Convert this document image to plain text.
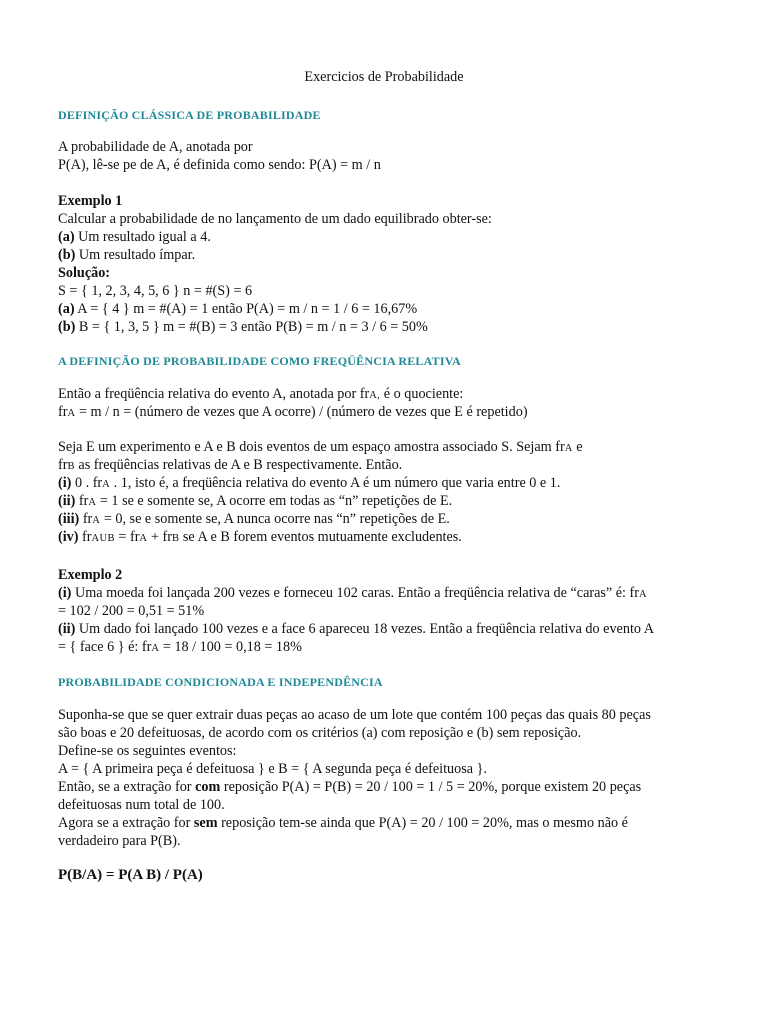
Exercicios de Probabilidade
DEFINIÇÃO CLÁSSICA DE PROBABILIDADE
A probabilidade de A, anotada por
P(A), lê-se pe de A, é definida como sendo: P(A) = m / n
Exemplo 1
Calcular a probabilidade de no lançamento de um dado equilibrado obter-se:
(a) Um resultado igual a 4.
(b) Um resultado ímpar.
Solução:
S = { 1, 2, 3, 4, 5, 6 } n = #(S) = 6
(a) A = { 4 } m = #(A) = 1 então P(A) = m / n = 1 / 6 = 16,67%
(b) B = { 1, 3, 5 } m = #(B) = 3 então P(B) = m / n = 3 / 6 = 50%
A DEFINIÇÃO DE PROBABILIDADE COMO FREQÜÊNCIA RELATIVA
Então a freqüência relativa do evento A, anotada por frA, é o quociente:
frA = m / n = (número de vezes que A ocorre) / (número de vezes que E é repetido)
Seja E um experimento e A e B dois eventos de um espaço amostra associado S. Sejam frA e
frB as freqüências relativas de A e B respectivamente. Então.
(i) 0 . frA . 1, isto é, a freqüência relativa do evento A é um número que varia entre 0 e 1.
(ii) frA = 1 se e somente se, A ocorre em todas as “n” repetições de E.
(iii) frA = 0, se e somente se, A nunca ocorre nas “n” repetições de E.
(iv) frAUB = frA + frB se A e B forem eventos mutuamente excludentes.
Exemplo 2
(i) Uma moeda foi lançada 200 vezes e forneceu 102 caras. Então a freqüência relativa de “caras” é: frA
= 102 / 200 = 0,51 = 51%
(ii) Um dado foi lançado 100 vezes e a face 6 apareceu 18 vezes. Então a freqüência relativa do evento A
= { face 6 } é: frA = 18 / 100 = 0,18 = 18%
PROBABILIDADE CONDICIONADA E INDEPENDÊNCIA
Suponha-se que se quer extrair duas peças ao acaso de um lote que contém 100 peças das quais 80 peças
são boas e 20 defeituosas, de acordo com os critérios (a) com reposição e (b) sem reposição.
Define-se os seguintes eventos:
A = { A primeira peça é defeituosa } e B = { A segunda peça é defeituosa }.
Então, se a extração for com reposição P(A) = P(B) = 20 / 100 = 1 / 5 = 20%, porque existem 20 peças
defeituosas num total de 100.
Agora se a extração for sem reposição tem-se ainda que P(A) = 20 / 100 = 20%, mas o mesmo não é
verdadeiro para P(B).
P(B/A) = P(A B) / P(A)
